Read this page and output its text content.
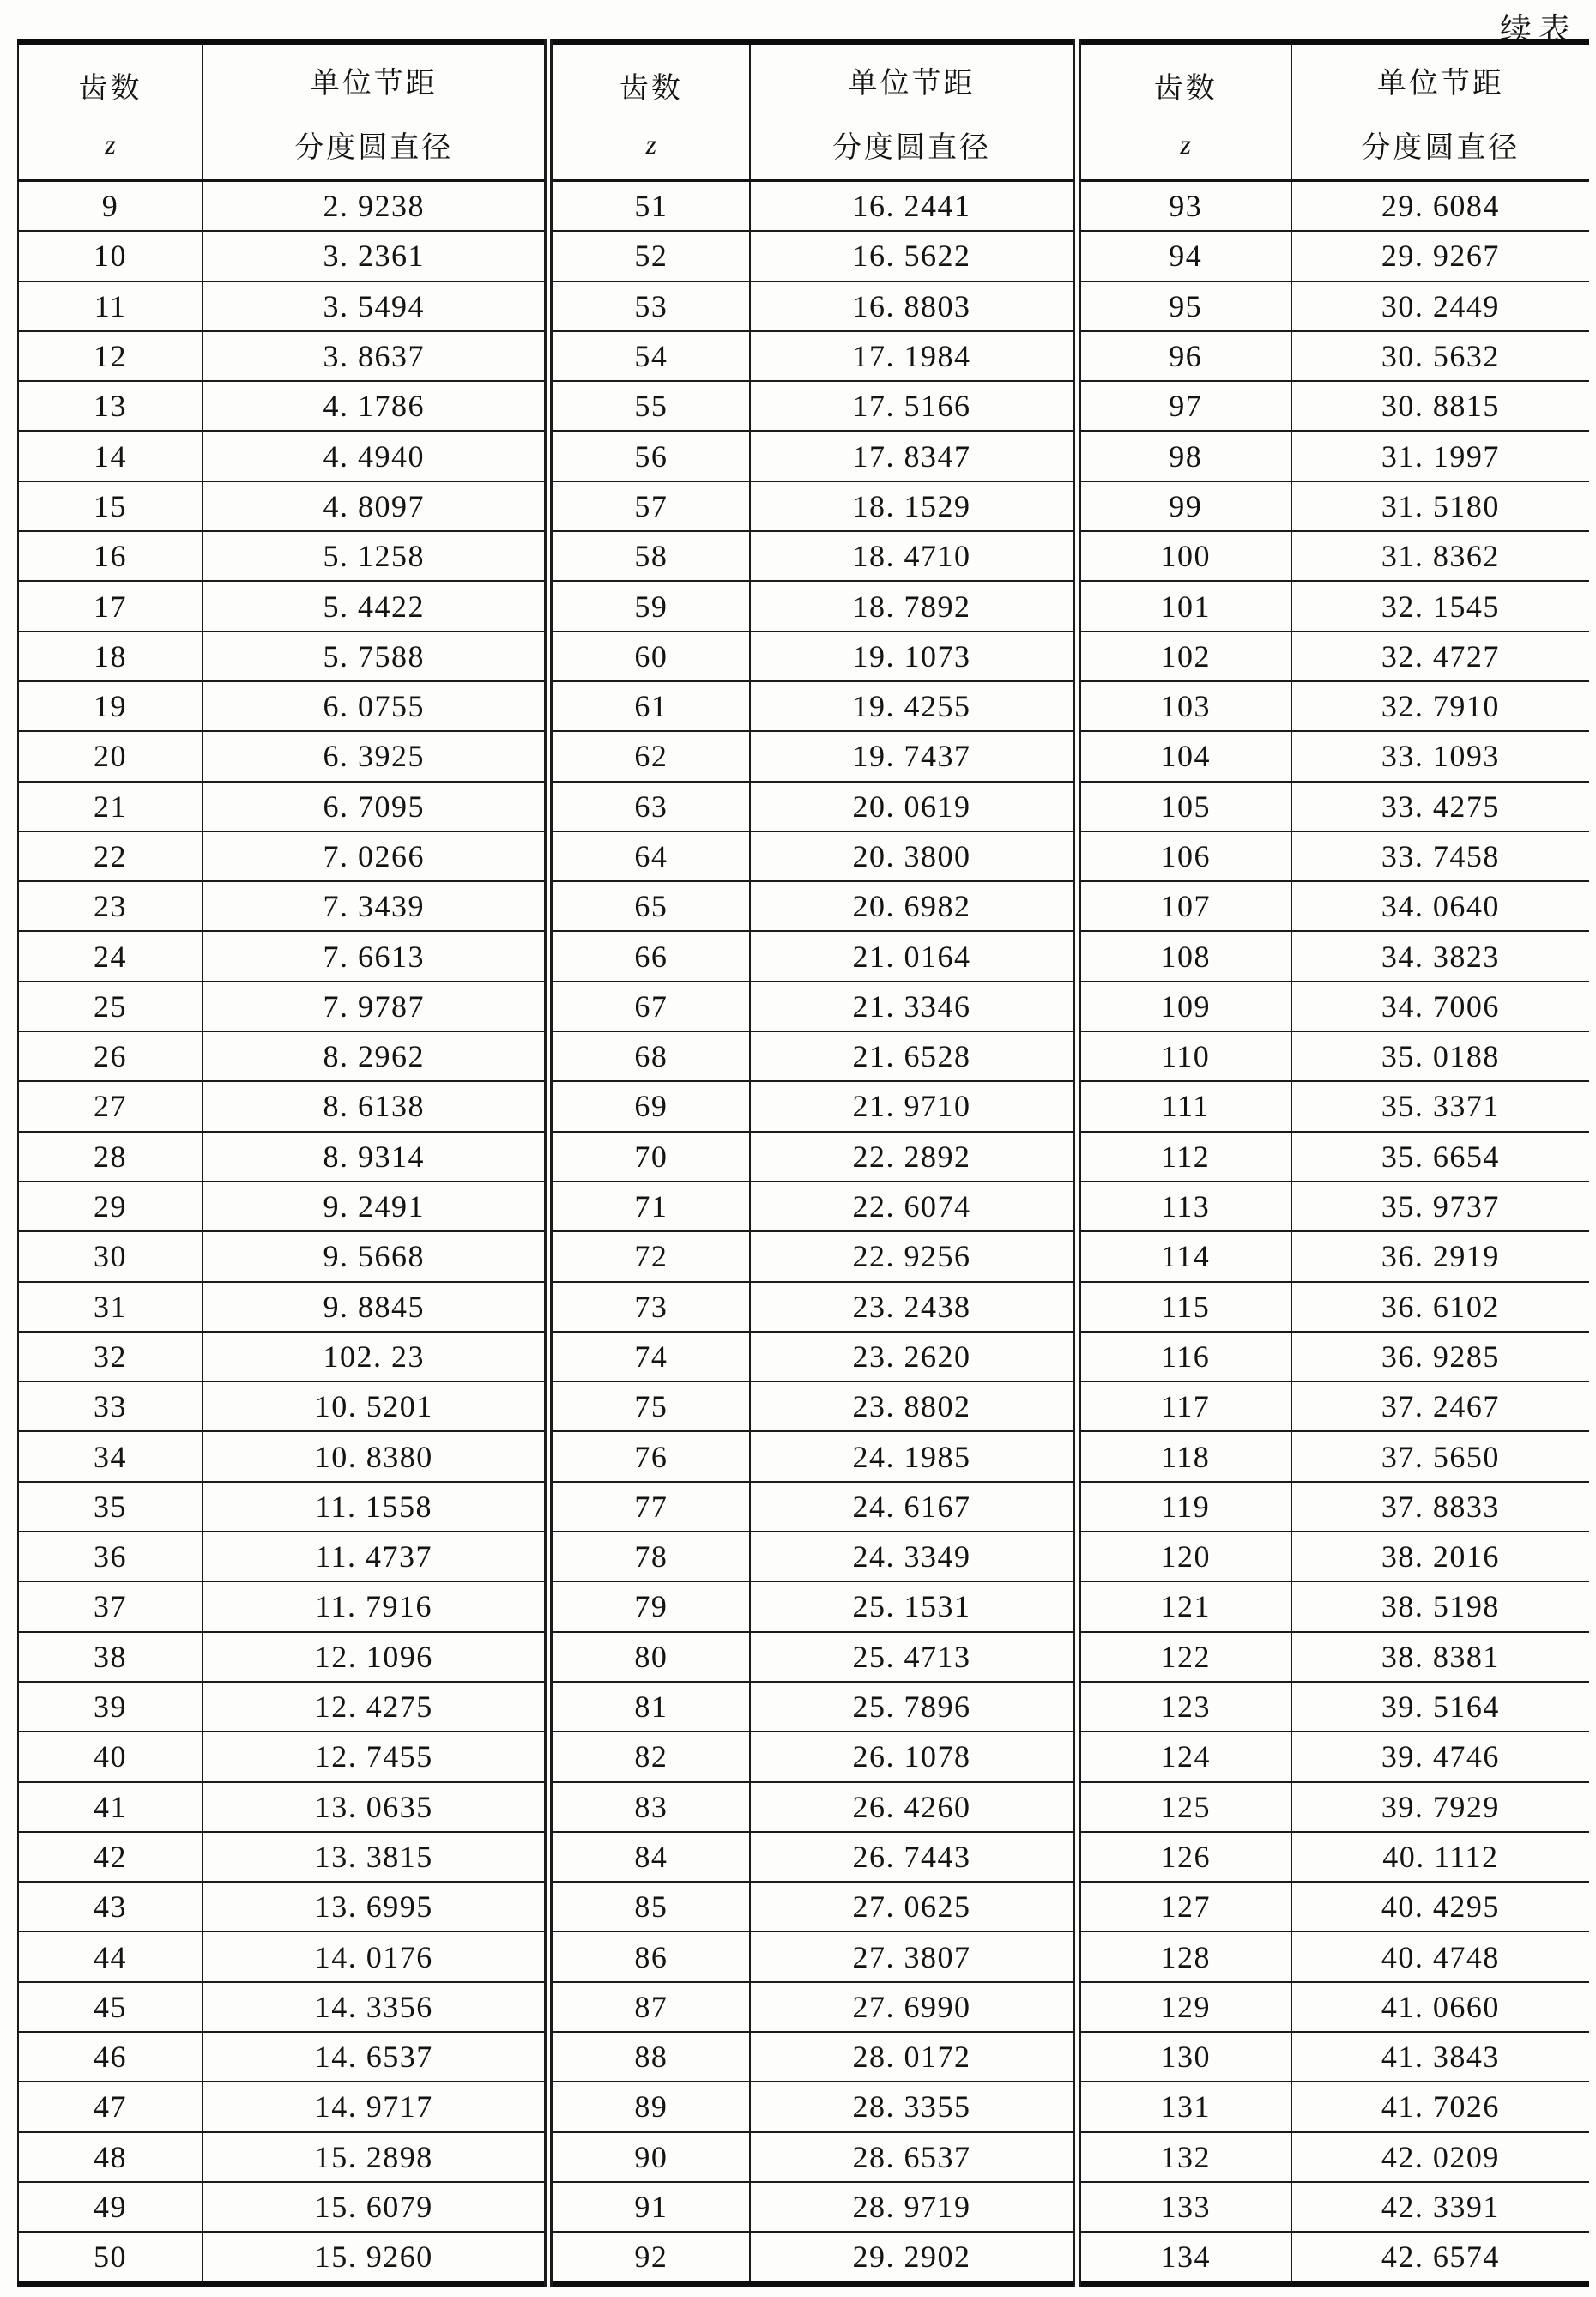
续表
齿数
z

单位节距
分度圆直径

齿数
z

单位节距
分度圆直径

齿数
z

单位节距
分度圆直径

9	2. 9238	51	16. 2441	93	29. 6084
10	3. 2361	52	16. 5622	94	29. 9267
11	3. 5494	53	16. 8803	95	30. 2449
12	3. 8637	54	17. 1984	96	30. 5632
13	4. 1786	55	17. 5166	97	30. 8815
14	4. 4940	56	17. 8347	98	31. 1997
15	4. 8097	57	18. 1529	99	31. 5180
16	5. 1258	58	18. 4710	100	31. 8362
17	5. 4422	59	18. 7892	101	32. 1545
18	5. 7588	60	19. 1073	102	32. 4727
19	6. 0755	61	19. 4255	103	32. 7910
20	6. 3925	62	19. 7437	104	33. 1093
21	6. 7095	63	20. 0619	105	33. 4275
22	7. 0266	64	20. 3800	106	33. 7458
23	7. 3439	65	20. 6982	107	34. 0640
24	7. 6613	66	21. 0164	108	34. 3823
25	7. 9787	67	21. 3346	109	34. 7006
26	8. 2962	68	21. 6528	110	35. 0188
27	8. 6138	69	21. 9710	111	35. 3371
28	8. 9314	70	22. 2892	112	35. 6654
29	9. 2491	71	22. 6074	113	35. 9737
30	9. 5668	72	22. 9256	114	36. 2919
31	9. 8845	73	23. 2438	115	36. 6102
32	102. 23	74	23. 2620	116	36. 9285
33	10. 5201	75	23. 8802	117	37. 2467
34	10. 8380	76	24. 1985	118	37. 5650
35	11. 1558	77	24. 6167	119	37. 8833
36	11. 4737	78	24. 3349	120	38. 2016
37	11. 7916	79	25. 1531	121	38. 5198
38	12. 1096	80	25. 4713	122	38. 8381
39	12. 4275	81	25. 7896	123	39. 5164
40	12. 7455	82	26. 1078	124	39. 4746
41	13. 0635	83	26. 4260	125	39. 7929
42	13. 3815	84	26. 7443	126	40. 1112
43	13. 6995	85	27. 0625	127	40. 4295
44	14. 0176	86	27. 3807	128	40. 4748
45	14. 3356	87	27. 6990	129	41. 0660
46	14. 6537	88	28. 0172	130	41. 3843
47	14. 9717	89	28. 3355	131	41. 7026
48	15. 2898	90	28. 6537	132	42. 0209
49	15. 6079	91	28. 9719	133	42. 3391
50	15. 9260	92	29. 2902	134	42. 6574
